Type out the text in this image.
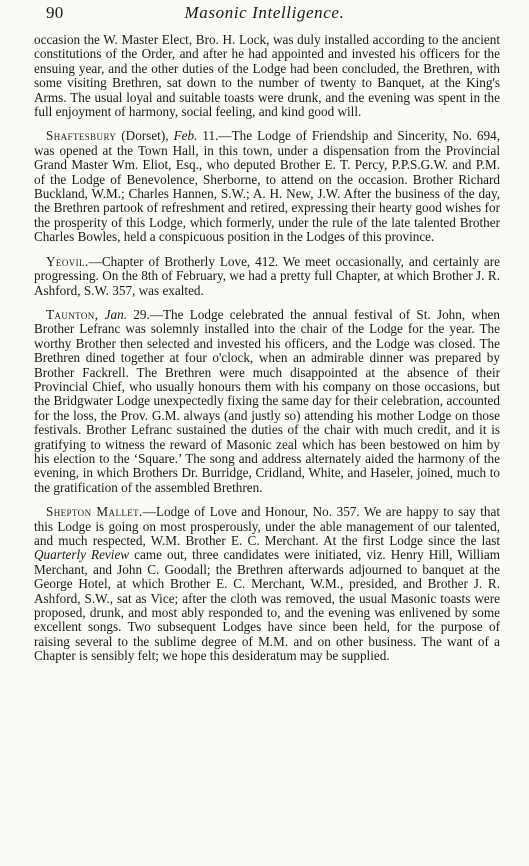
90	Masonic Intelligence.

occasion the W. Master Elect, Bro. H. Lock, was duly installed according to the ancient constitutions of the Order, and after he had appointed and invested his officers for the ensuing year, and the other duties of the Lodge had been concluded, the Brethren, with some visiting Brethren, sat down to the number of twenty to Banquet, at the King's Arms. The usual loyal and suitable toasts were drunk, and the evening was spent in the full enjoyment of harmony, social feeling, and kind good will.

Shaftesbury (Dorset), Feb. 11.—The Lodge of Friendship and Sincerity, No. 694, was opened at the Town Hall, in this town, under a dispensation from the Provincial Grand Master Wm. Eliot, Esq., who deputed Brother E. T. Percy, P.P.S.G.W. and P.M. of the Lodge of Benevolence, Sherborne, to attend on the occasion. Brother Richard Buckland, W.M.; Charles Hannen, S.W.; A. H. New, J.W. After the business of the day, the Brethren partook of refreshment and retired, expressing their hearty good wishes for the prosperity of this Lodge, which formerly, under the rule of the late talented Brother Charles Bowles, held a conspicuous position in the Lodges of this province.

Yeovil.—Chapter of Brotherly Love, 412. We meet occasionally, and certainly are progressing. On the 8th of February, we had a pretty full Chapter, at which Brother J. R. Ashford, S.W. 357, was exalted.

Taunton, Jan. 29.—The Lodge celebrated the annual festival of St. John, when Brother Lefranc was solemnly installed into the chair of the Lodge for the year. The worthy Brother then selected and invested his officers, and the Lodge was closed. The Brethren dined together at four o'clock, when an admirable dinner was prepared by Brother Fackrell. The Brethren were much disappointed at the absence of their Provincial Chief, who usually honours them with his company on those occasions, but the Bridgwater Lodge unexpectedly fixing the same day for their celebration, accounted for the loss, the Prov. G.M. always (and justly so) attending his mother Lodge on those festivals. Brother Lefranc sustained the duties of the chair with much credit, and it is gratifying to witness the reward of Masonic zeal which has been bestowed on him by his election to the ‘Square.’ The song and address alternately aided the harmony of the evening, in which Brothers Dr. Burridge, Cridland, White, and Haseler, joined, much to the gratification of the assembled Brethren.

Shepton Mallet.—Lodge of Love and Honour, No. 357. We are happy to say that this Lodge is going on most prosperously, under the able management of our talented, and much respected, W.M. Brother E. C. Merchant. At the first Lodge since the last Quarterly Review came out, three candidates were initiated, viz. Henry Hill, William Merchant, and John C. Goodall; the Brethren afterwards adjourned to banquet at the George Hotel, at which Brother E. C. Merchant, W.M., presided, and Brother J. R. Ashford, S.W., sat as Vice; after the cloth was removed, the usual Masonic toasts were proposed, drunk, and most ably responded to, and the evening was enlivened by some excellent songs. Two subsequent Lodges have since been held, for the purpose of raising several to the sublime degree of M.M. and on other business. The want of a Chapter is sensibly felt; we hope this desideratum may be supplied.
